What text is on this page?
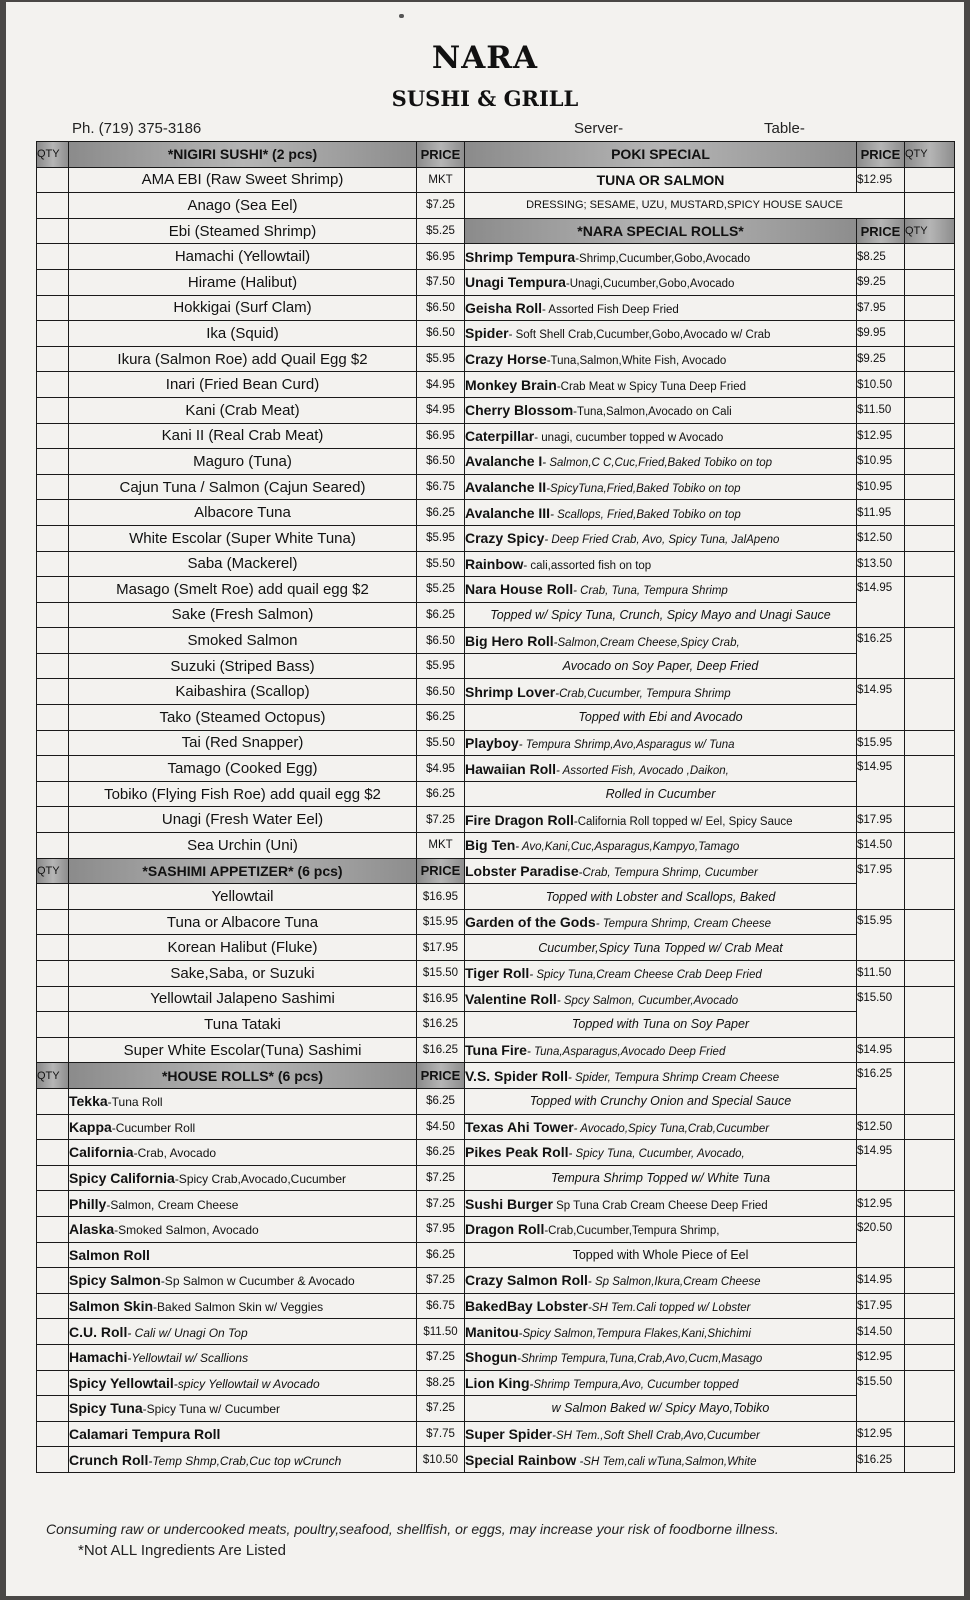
NARA
SUSHI & GRILL
Ph. (719) 375-3186	Server-	Table-
QTY	*NIGIRI SUSHI* (2 pcs)	PRICE
	AMA EBI (Raw Sweet Shrimp)	MKT
	Anago (Sea Eel)	$7.25
	Ebi (Steamed Shrimp)	$5.25
	Hamachi (Yellowtail)	$6.95
	Hirame (Halibut)	$7.50
	Hokkigai (Surf Clam)	$6.50
	Ika (Squid)	$6.50
	Ikura (Salmon Roe) add Quail Egg $2	$5.95
	Inari (Fried Bean Curd)	$4.95
	Kani (Crab Meat)	$4.95
	Kani II (Real Crab Meat)	$6.95
	Maguro (Tuna)	$6.50
	Cajun Tuna / Salmon (Cajun Seared)	$6.75
	Albacore Tuna	$6.25
	White Escolar (Super White Tuna)	$5.95
	Saba (Mackerel)	$5.50
	Masago (Smelt Roe) add quail egg $2	$5.25
	Sake (Fresh Salmon)	$6.25
	Smoked Salmon	$6.50
	Suzuki (Striped Bass)	$5.95
	Kaibashira (Scallop)	$6.50
	Tako (Steamed Octopus)	$6.25
	Tai (Red Snapper)	$5.50
	Tamago (Cooked Egg)	$4.95
	Tobiko (Flying Fish Roe) add quail egg $2	$6.25
	Unagi (Fresh Water Eel)	$7.25
	Sea Urchin (Uni)	MKT
QTY	*SASHIMI APPETIZER* (6 pcs)	PRICE
	Yellowtail	$16.95
	Tuna or Albacore Tuna	$15.95
	Korean Halibut (Fluke)	$17.95
	Sake,Saba, or Suzuki	$15.50
	Yellowtail Jalapeno Sashimi	$16.95
	Tuna Tataki	$16.25
	Super White Escolar(Tuna) Sashimi	$16.25
QTY	*HOUSE ROLLS* (6 pcs)	PRICE
	Tekka-Tuna Roll	$6.25
	Kappa-Cucumber Roll	$4.50
	California-Crab, Avocado	$6.25
	Spicy California-Spicy Crab,Avocado,Cucumber	$7.25
	Philly-Salmon, Cream Cheese	$7.25
	Alaska-Smoked Salmon, Avocado	$7.95
	Salmon Roll	$6.25
	Spicy Salmon-Sp Salmon w Cucumber & Avocado	$7.25
	Salmon Skin-Baked Salmon Skin w/ Veggies	$6.75
	C.U. Roll- Cali w/ Unagi On Top	$11.50
	Hamachi-Yellowtail w/ Scallions	$7.25
	Spicy Yellowtail-spicy Yellowtail w Avocado	$8.25
	Spicy Tuna-Spicy Tuna w/ Cucumber	$7.25
	Calamari Tempura Roll	$7.75
	Crunch Roll-Temp Shmp,Crab,Cuc top wCrunch	$10.50
POKI SPECIAL	PRICE	QTY
TUNA OR SALMON	$12.95	
DRESSING; SESAME, UZU, MUSTARD,SPICY HOUSE SAUCE		
*NARA SPECIAL ROLLS*	PRICE	QTY
Shrimp Tempura-Shrimp,Cucumber,Gobo,Avocado	$8.25	
Unagi Tempura-Unagi,Cucumber,Gobo,Avocado	$9.25	
Geisha Roll- Assorted Fish Deep Fried	$7.95	
Spider- Soft Shell Crab,Cucumber,Gobo,Avocado w/ Crab	$9.95	
Crazy Horse-Tuna,Salmon,White Fish, Avocado	$9.25	
Monkey Brain-Crab Meat w Spicy Tuna Deep Fried	$10.50	
Cherry Blossom-Tuna,Salmon,Avocado on Cali	$11.50	
Caterpillar- unagi, cucumber topped w Avocado	$12.95	
Avalanche I- Salmon,C C,Cuc,Fried,Baked Tobiko on top	$10.95	
Avalanche II-SpicyTuna,Fried,Baked Tobiko on top	$10.95	
Avalanche III- Scallops, Fried,Baked Tobiko on top	$11.95	
Crazy Spicy- Deep Fried Crab, Avo, Spicy Tuna, JalApeno	$12.50	
Rainbow- cali,assorted fish on top	$13.50	
Nara House Roll- Crab, Tuna, Tempura Shrimp	$14.95	
Topped w/ Spicy Tuna, Crunch, Spicy Mayo and Unagi Sauce		
Big Hero Roll-Salmon,Cream Cheese,Spicy Crab,	$16.25	
Avocado on Soy Paper, Deep Fried		
Shrimp Lover-Crab,Cucumber, Tempura Shrimp	$14.95	
Topped with Ebi and Avocado		
Playboy- Tempura Shrimp,Avo,Asparagus w/ Tuna	$15.95	
Hawaiian Roll- Assorted Fish, Avocado ,Daikon,	$14.95	
Rolled in Cucumber		
Fire Dragon Roll-California Roll topped w/ Eel, Spicy Sauce	$17.95	
Big Ten- Avo,Kani,Cuc,Asparagus,Kampyo,Tamago	$14.50	
Lobster Paradise-Crab, Tempura Shrimp, Cucumber	$17.95	
Topped with Lobster and Scallops, Baked		
Garden of the Gods- Tempura Shrimp, Cream Cheese	$15.95	
Cucumber,Spicy Tuna Topped w/ Crab Meat		
Tiger Roll- Spicy Tuna,Cream Cheese Crab Deep Fried	$11.50	
Valentine Roll- Spcy Salmon, Cucumber,Avocado	$15.50	
Topped with Tuna on Soy Paper		
Tuna Fire- Tuna,Asparagus,Avocado Deep Fried	$14.95	
V.S. Spider Roll- Spider, Tempura Shrimp Cream Cheese	$16.25	
Topped with Crunchy Onion and Special Sauce		
Texas Ahi Tower- Avocado,Spicy Tuna,Crab,Cucumber	$12.50	
Pikes Peak Roll- Spicy Tuna, Cucumber, Avocado,	$14.95	
Tempura Shrimp Topped w/ White Tuna		
Sushi Burger Sp Tuna Crab Cream Cheese Deep Fried	$12.95	
Dragon Roll-Crab,Cucumber,Tempura Shrimp,	$20.50	
Topped with Whole Piece of Eel		
Crazy Salmon Roll- Sp Salmon,Ikura,Cream Cheese	$14.95	
BakedBay Lobster-SH Tem.Cali topped w/ Lobster	$17.95	
Manitou-Spicy Salmon,Tempura Flakes,Kani,Shichimi	$14.50	
Shogun-Shrimp Tempura,Tuna,Crab,Avo,Cucm,Masago	$12.95	
Lion King-Shrimp Tempura,Avo, Cucumber topped	$15.50	
w Salmon Baked w/ Spicy Mayo,Tobiko		
Super Spider-SH Tem.,Soft Shell Crab,Avo,Cucumber	$12.95	
Special Rainbow -SH Tem,cali wTuna,Salmon,White	$16.25	
Consuming raw or undercooked meats, poultry,seafood, shellfish, or eggs, may increase your risk of foodborne illness.
*Not ALL Ingredients Are Listed
